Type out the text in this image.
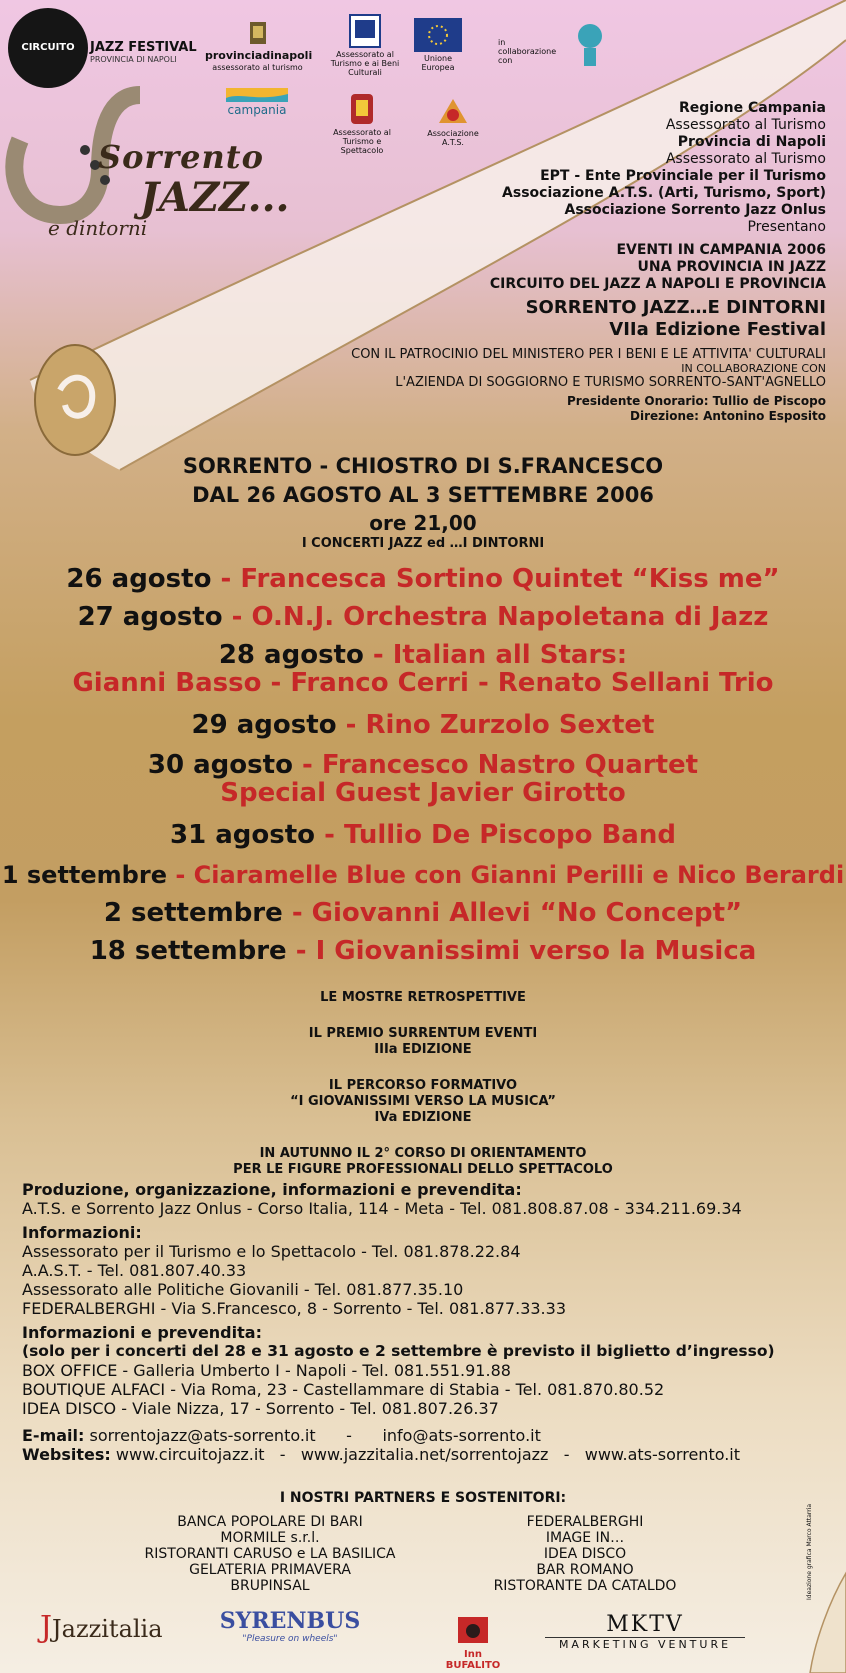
CIRCUITO	JAZZ FESTIVAL
PROVINCIA DI NAPOLI	provinciadinapoli
assessorato al turismo
Assessorato al Turismo e ai Beni Culturali
Unione Europea
in collaborazione con
campania
Assessorato al Turismo e Spettacolo
Associazione A.T.S.
Sorrento
JAZZ...
e dintorni
Regione Campania
Assessorato al Turismo
Provincia di Napoli
Assessorato al Turismo
EPT - Ente Provinciale per il Turismo
Associazione A.T.S. (Arti, Turismo, Sport)
Associazione Sorrento Jazz Onlus
Presentano
EVENTI IN CAMPANIA 2006
UNA PROVINCIA IN JAZZ
CIRCUITO DEL JAZZ A NAPOLI E PROVINCIA
SORRENTO JAZZ…E DINTORNI
VIIa Edizione Festival
CON IL PATROCINIO DEL MINISTERO PER I BENI E LE ATTIVITA' CULTURALI
IN COLLABORAZIONE CON
L'AZIENDA DI SOGGIORNO E TURISMO SORRENTO-SANT'AGNELLO
Presidente Onorario: Tullio de Piscopo
Direzione: Antonino Esposito
SORRENTO - CHIOSTRO DI S.FRANCESCO
DAL 26 AGOSTO AL 3 SETTEMBRE 2006
ore 21,00
I CONCERTI JAZZ ed …I DINTORNI
26 agosto - Francesca Sortino Quintet “Kiss me”
27 agosto - O.N.J. Orchestra Napoletana di Jazz
28 agosto - Italian all Stars:
Gianni Basso - Franco Cerri - Renato Sellani Trio
29 agosto - Rino Zurzolo Sextet
30 agosto - Francesco Nastro Quartet
Special Guest Javier Girotto
31 agosto - Tullio De Piscopo Band
1 settembre - Ciaramelle Blue con Gianni Perilli e Nico Berardi
2 settembre - Giovanni Allevi “No Concept”
18 settembre - I Giovanissimi verso la Musica
LE MOSTRE RETROSPETTIVE
IL PREMIO SURRENTUM EVENTI
IIIa EDIZIONE
IL PERCORSO FORMATIVO
“I GIOVANISSIMI VERSO LA MUSICA”
IVa EDIZIONE
IN AUTUNNO IL 2° CORSO DI ORIENTAMENTO
PER LE FIGURE PROFESSIONALI DELLO SPETTACOLO
Produzione, organizzazione, informazioni e prevendita:
A.T.S. e Sorrento Jazz Onlus - Corso Italia, 114 - Meta - Tel. 081.808.87.08 - 334.211.69.34
Informazioni:
Assessorato per il Turismo e lo Spettacolo - Tel. 081.878.22.84
A.A.S.T. - Tel. 081.807.40.33
Assessorato alle Politiche Giovanili - Tel. 081.877.35.10
FEDERALBERGHI - Via S.Francesco, 8 - Sorrento - Tel. 081.877.33.33
Informazioni e prevendita:
(solo per i concerti del 28 e 31 agosto e 2 settembre è previsto il biglietto d’ingresso)
BOX OFFICE - Galleria Umberto I - Napoli - Tel. 081.551.91.88
BOUTIQUE ALFACI - Via Roma, 23 - Castellammare di Stabia - Tel. 081.870.80.52
IDEA DISCO - Viale Nizza, 17 - Sorrento - Tel. 081.807.26.37
E-mail: sorrentojazz@ats-sorrento.it      -      info@ats-sorrento.it
Websites: www.circuitojazz.it   -   www.jazzitalia.net/sorrentojazz   -   www.ats-sorrento.it
I NOSTRI PARTNERS E SOSTENITORI:
BANCA POPOLARE DI BARI
MORMILE s.r.l.
RISTORANTI CARUSO e LA BASILICA
GELATERIA PRIMAVERA
BRUPINSAL
FEDERALBERGHI
IMAGE IN…
IDEA DISCO
BAR ROMANO
RISTORANTE DA CATALDO
JJazzitalia	SYRENBUS
"Pleasure on wheels"
Inn BUFALITO
MKTV
MARKETING VENTURE
Ideazione grafica Marco Attarria
